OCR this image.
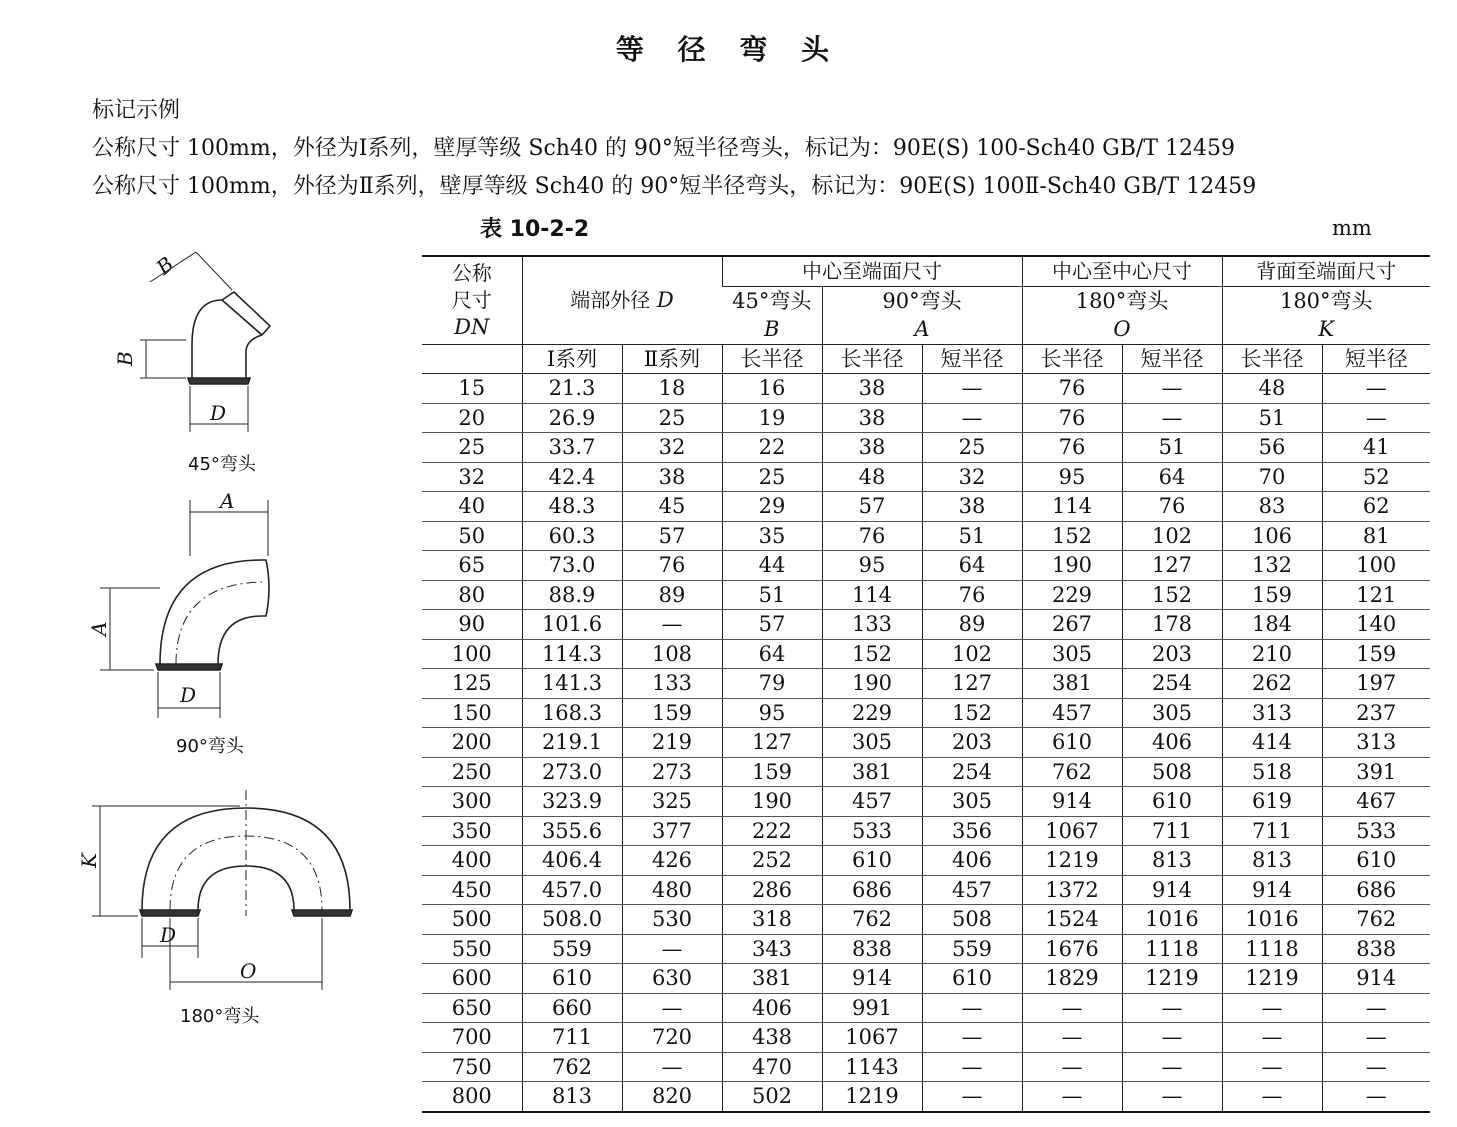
等 径 弯 头
标记示例
公称尺寸 100mm，外径为Ⅰ系列，壁厚等级 Sch40 的 90°短半径弯头，标记为：90E(S) 100-Sch40 GB/T 12459
公称尺寸 100mm，外径为Ⅱ系列，壁厚等级 Sch40 的 90°短半径弯头，标记为：90E(S) 100Ⅱ-Sch40 GB/T 12459
表 10-2-2	mm
B
B
D
A
A
D
K
D
O
45°弯头
90°弯头
180°弯头
公称
尺寸
DN	端部外径 D		中心至端面尺寸			中心至中心尺寸		背面至端面尺寸	
			45°弯头	90°弯头		180°弯头		180°弯头	
			B	A		O		K	
	Ⅰ系列	Ⅱ系列	长半径	长半径	短半径	长半径	短半径	长半径	短半径
15	21.3	18	16	38	—	76	—	48	—
20	26.9	25	19	38	—	76	—	51	—
25	33.7	32	22	38	25	76	51	56	41
32	42.4	38	25	48	32	95	64	70	52
40	48.3	45	29	57	38	114	76	83	62
50	60.3	57	35	76	51	152	102	106	81
65	73.0	76	44	95	64	190	127	132	100
80	88.9	89	51	114	76	229	152	159	121
90	101.6	—	57	133	89	267	178	184	140
100	114.3	108	64	152	102	305	203	210	159
125	141.3	133	79	190	127	381	254	262	197
150	168.3	159	95	229	152	457	305	313	237
200	219.1	219	127	305	203	610	406	414	313
250	273.0	273	159	381	254	762	508	518	391
300	323.9	325	190	457	305	914	610	619	467
350	355.6	377	222	533	356	1067	711	711	533
400	406.4	426	252	610	406	1219	813	813	610
450	457.0	480	286	686	457	1372	914	914	686
500	508.0	530	318	762	508	1524	1016	1016	762
550	559	—	343	838	559	1676	1118	1118	838
600	610	630	381	914	610	1829	1219	1219	914
650	660	—	406	991	—	—	—	—	—
700	711	720	438	1067	—	—	—	—	—
750	762	—	470	1143	—	—	—	—	—
800	813	820	502	1219	—	—	—	—	—
